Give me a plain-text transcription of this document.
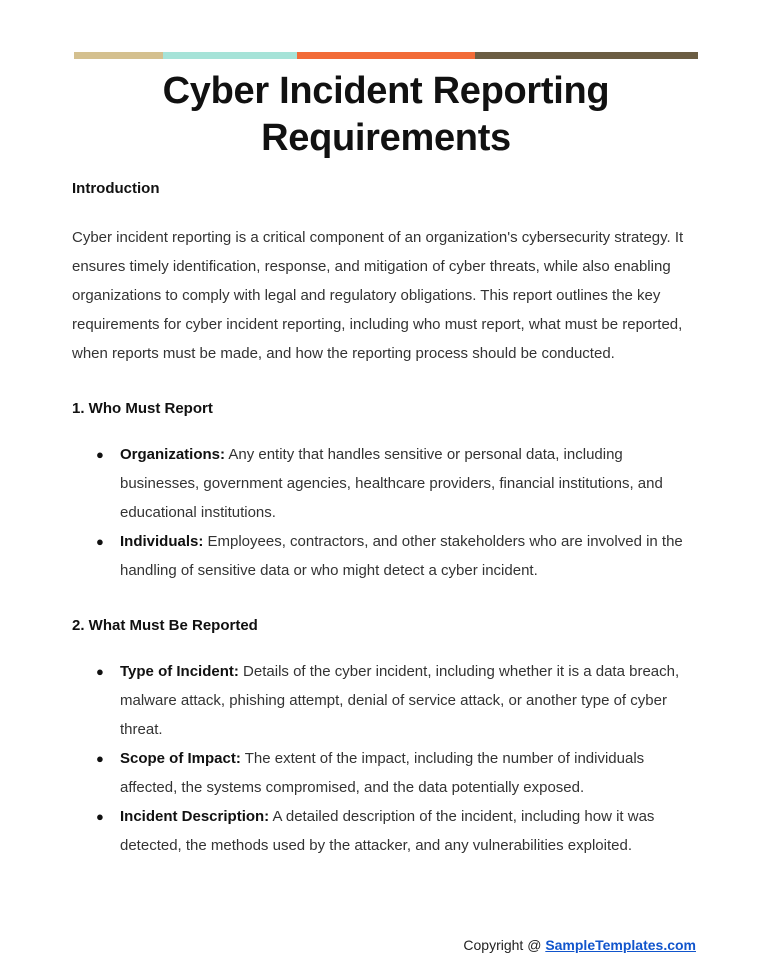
Cyber Incident Reporting Requirements

Introduction

Cyber incident reporting is a critical component of an organization's cybersecurity strategy. It ensures timely identification, response, and mitigation of cyber threats, while also enabling organizations to comply with legal and regulatory obligations. This report outlines the key requirements for cyber incident reporting, including who must report, what must be reported, when reports must be made, and how the reporting process should be conducted.

1. Who Must Report

● Organizations: Any entity that handles sensitive or personal data, including businesses, government agencies, healthcare providers, financial institutions, and educational institutions.
● Individuals: Employees, contractors, and other stakeholders who are involved in the handling of sensitive data or who might detect a cyber incident.

2. What Must Be Reported

● Type of Incident: Details of the cyber incident, including whether it is a data breach, malware attack, phishing attempt, denial of service attack, or another type of cyber threat.
● Scope of Impact: The extent of the impact, including the number of individuals affected, the systems compromised, and the data potentially exposed.
● Incident Description: A detailed description of the incident, including how it was detected, the methods used by the attacker, and any vulnerabilities exploited.
Copyright @ SampleTemplates.com
